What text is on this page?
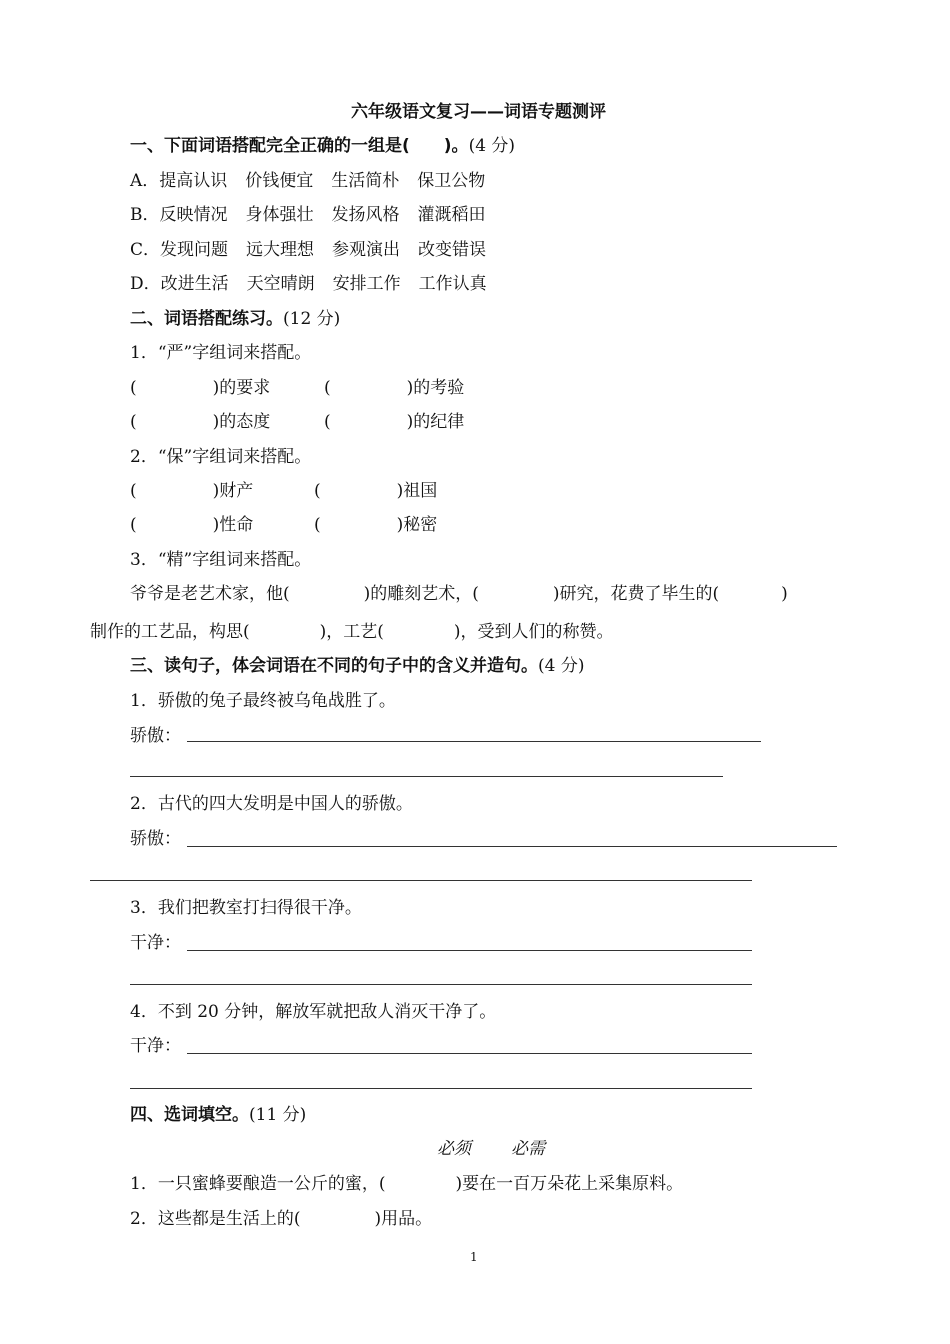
六年级语文复习——词语专题测评
一、下面词语搭配完全正确的一组是( )。(4 分)
A．提高认识 价钱便宜 生活简朴 保卫公物
B．反映情况 身体强壮 发扬风格 灌溉稻田
C．发现问题 远大理想 参观演出 改变错误
D．改进生活 天空晴朗 安排工作 工作认真
二、词语搭配练习。(12 分)
1．“严”字组词来搭配。
(	)的要求	(	)的考验
(	)的态度	(	)的纪律
2．“保”字组词来搭配。
(	)财产	(	)祖国
(	)性命	(	)秘密
3．“精”字组词来搭配。
爷爷是老艺术家，他(	)的雕刻艺术，(	)研究，花费了毕生的(	)
制作的工艺品，构思(	)，工艺(	)，受到人们的称赞。
三、读句子，体会词语在不同的句子中的含义并造句。(4 分)
1．骄傲的兔子最终被乌龟战胜了。
骄傲：
2．古代的四大发明是中国人的骄傲。
骄傲：
3．我们把教室打扫得很干净。
干净：
4．不到 20 分钟，解放军就把敌人消灭干净了。
干净：
四、选词填空。(11 分)
必须 必需
1．一只蜜蜂要酿造一公斤的蜜，(	)要在一百万朵花上采集原料。
2．这些都是生活上的(	)用品。
1
